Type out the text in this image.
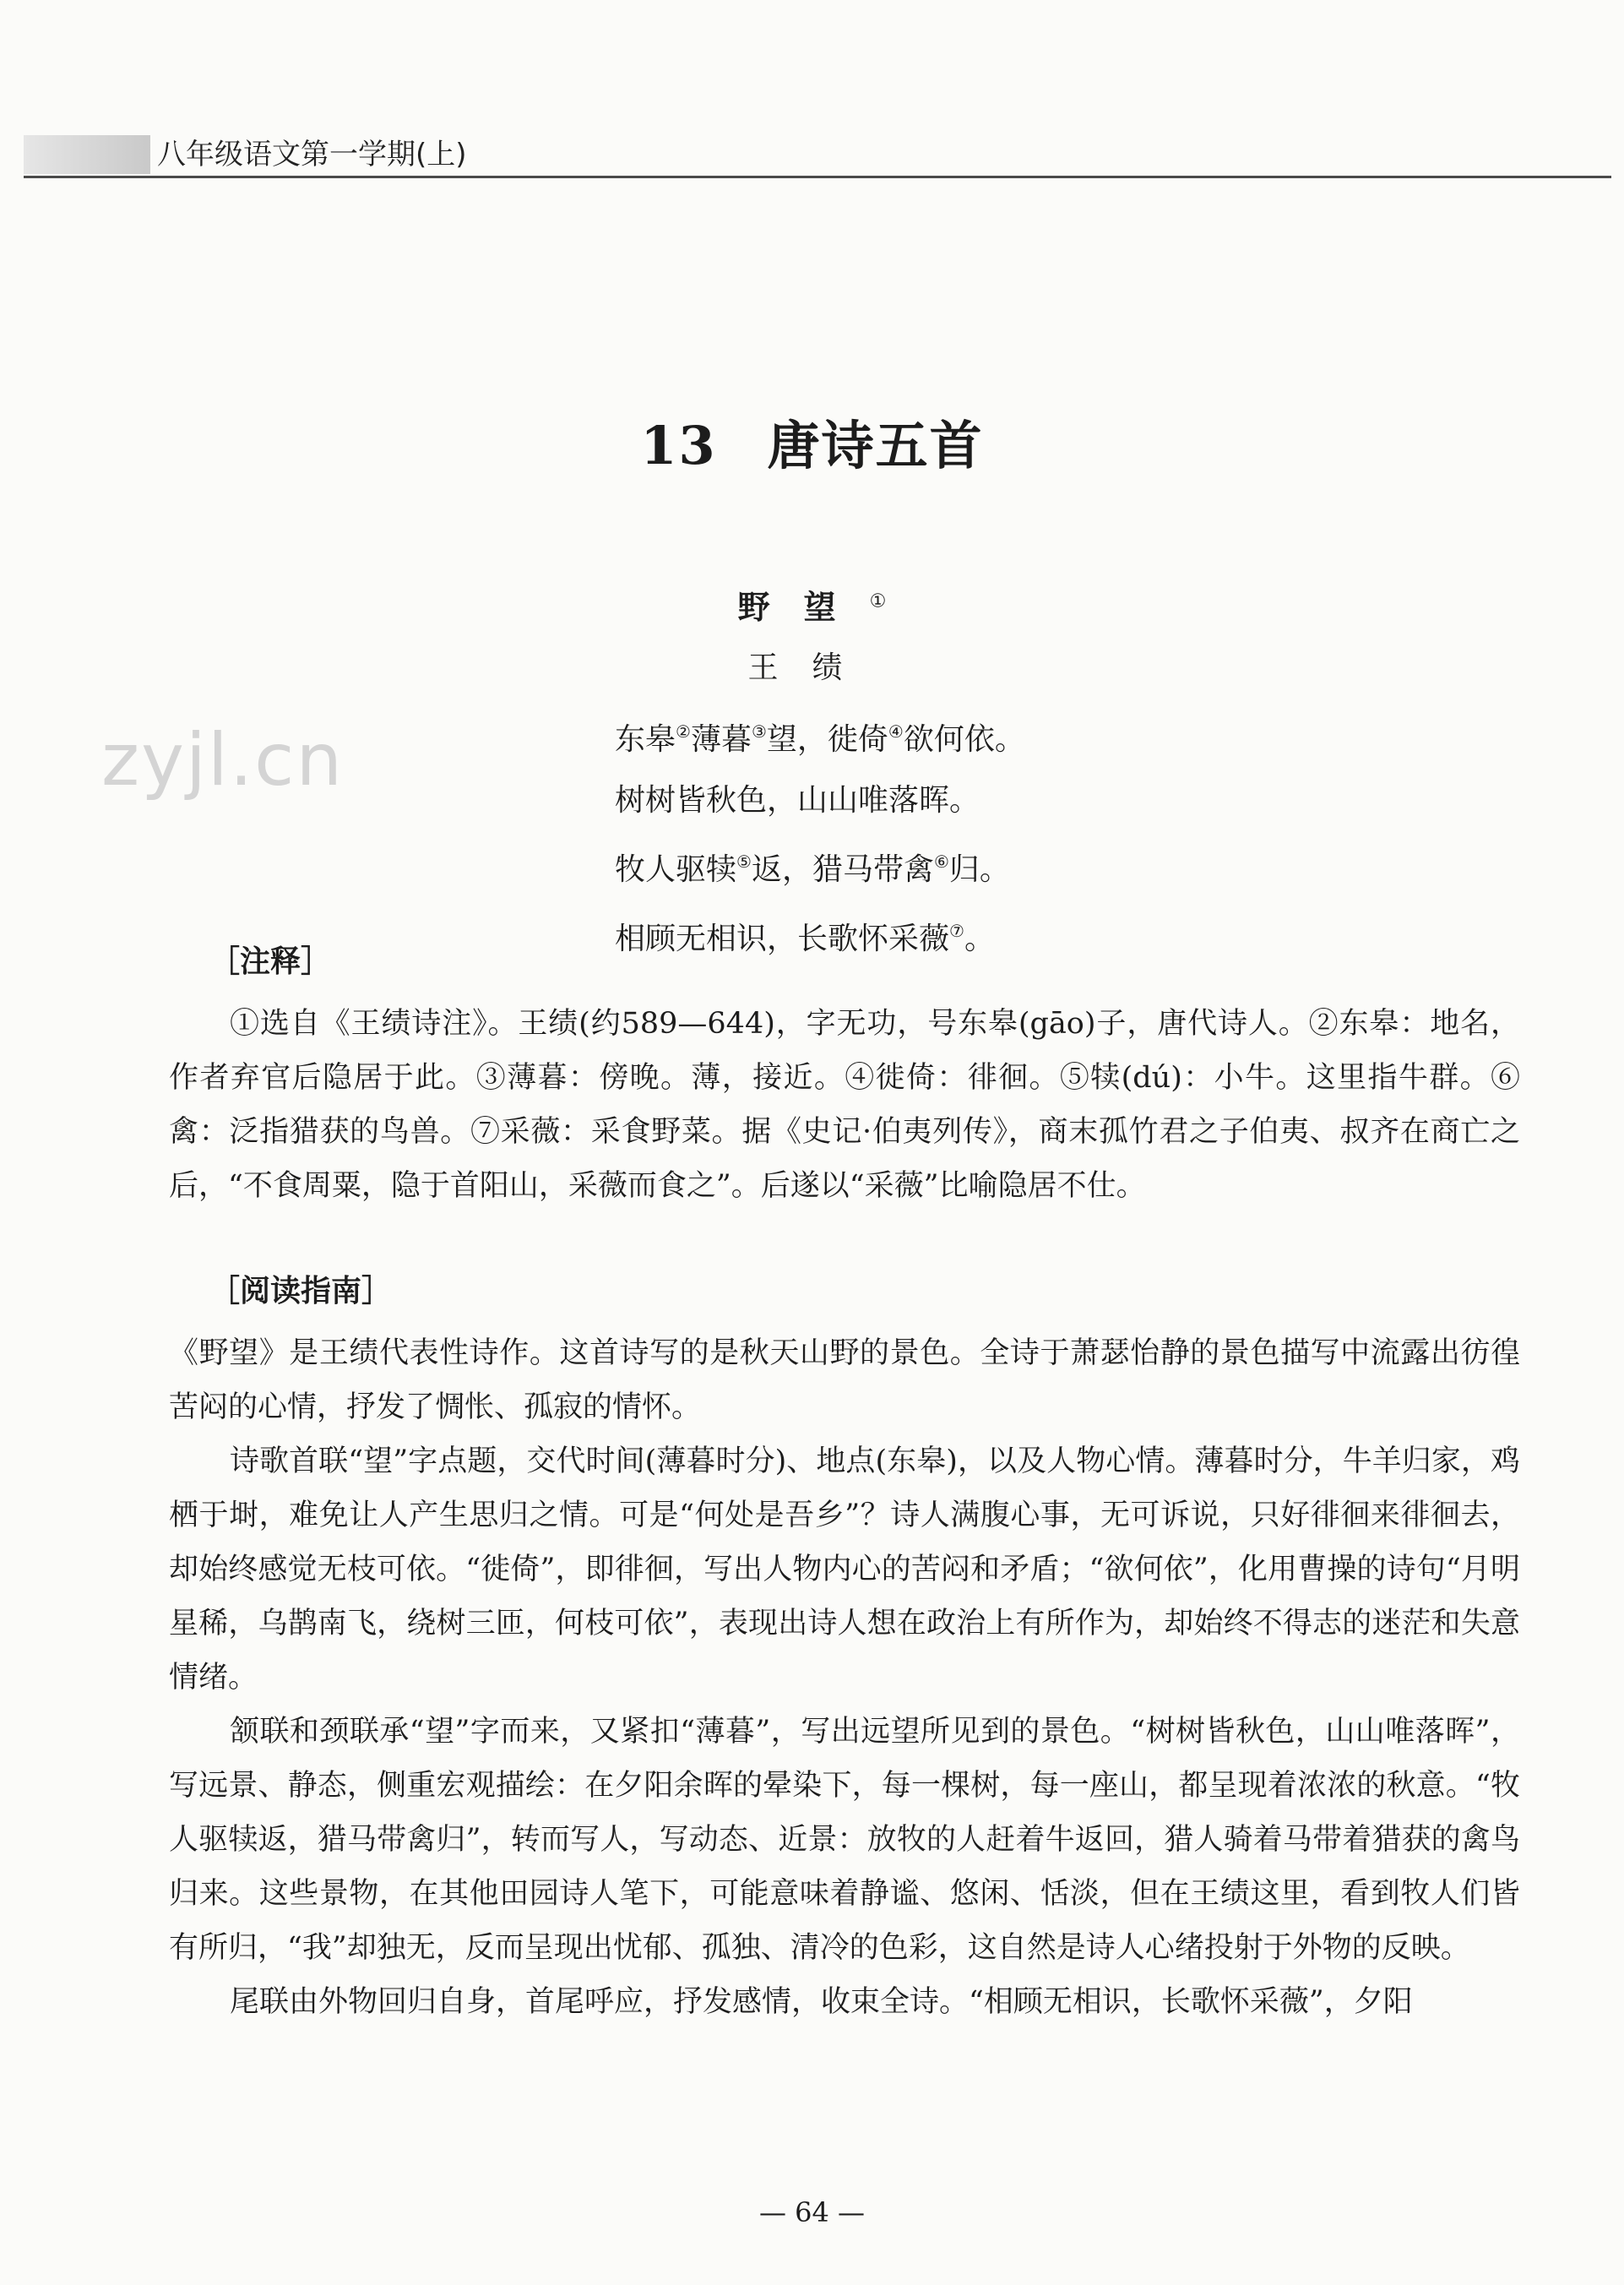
八年级语文第一学期(上)
13 唐诗五首
zyjl.cn
野望①
王绩
东皋②薄暮③望，徙倚④欲何依。
树树皆秋色，山山唯落晖。
牧人驱犊⑤返，猎马带禽⑥归。
相顾无相识，长歌怀采薇⑦。
［注释］

①选自《王绩诗注》。王绩(约589—644)，字无功，号东皋(gāo)子，唐代诗人。②东皋：地名，作者弃官后隐居于此。③薄暮：傍晚。薄，接近。④徙倚：徘徊。⑤犊(dú)：小牛。这里指牛群。⑥禽：泛指猎获的鸟兽。⑦采薇：采食野菜。据《史记·伯夷列传》，商末孤竹君之子伯夷、叔齐在商亡之后，“不食周粟，隐于首阳山，采薇而食之”。后遂以“采薇”比喻隐居不仕。

［阅读指南］

《野望》是王绩代表性诗作。这首诗写的是秋天山野的景色。全诗于萧瑟怡静的景色描写中流露出彷徨苦闷的心情，抒发了惆怅、孤寂的情怀。

诗歌首联“望”字点题，交代时间(薄暮时分)、地点(东皋)，以及人物心情。薄暮时分，牛羊归家，鸡栖于埘，难免让人产生思归之情。可是“何处是吾乡”？诗人满腹心事，无可诉说，只好徘徊来徘徊去，却始终感觉无枝可依。“徙倚”，即徘徊，写出人物内心的苦闷和矛盾；“欲何依”，化用曹操的诗句“月明星稀，乌鹊南飞，绕树三匝，何枝可依”，表现出诗人想在政治上有所作为，却始终不得志的迷茫和失意情绪。

颔联和颈联承“望”字而来，又紧扣“薄暮”，写出远望所见到的景色。“树树皆秋色，山山唯落晖”，写远景、静态，侧重宏观描绘：在夕阳余晖的晕染下，每一棵树，每一座山，都呈现着浓浓的秋意。“牧人驱犊返，猎马带禽归”，转而写人，写动态、近景：放牧的人赶着牛返回，猎人骑着马带着猎获的禽鸟归来。这些景物，在其他田园诗人笔下，可能意味着静谧、悠闲、恬淡，但在王绩这里，看到牧人们皆有所归，“我”却独无，反而呈现出忧郁、孤独、清冷的色彩，这自然是诗人心绪投射于外物的反映。

尾联由外物回归自身，首尾呼应，抒发感情，收束全诗。“相顾无相识，长歌怀采薇”，夕阳

— 64 —
